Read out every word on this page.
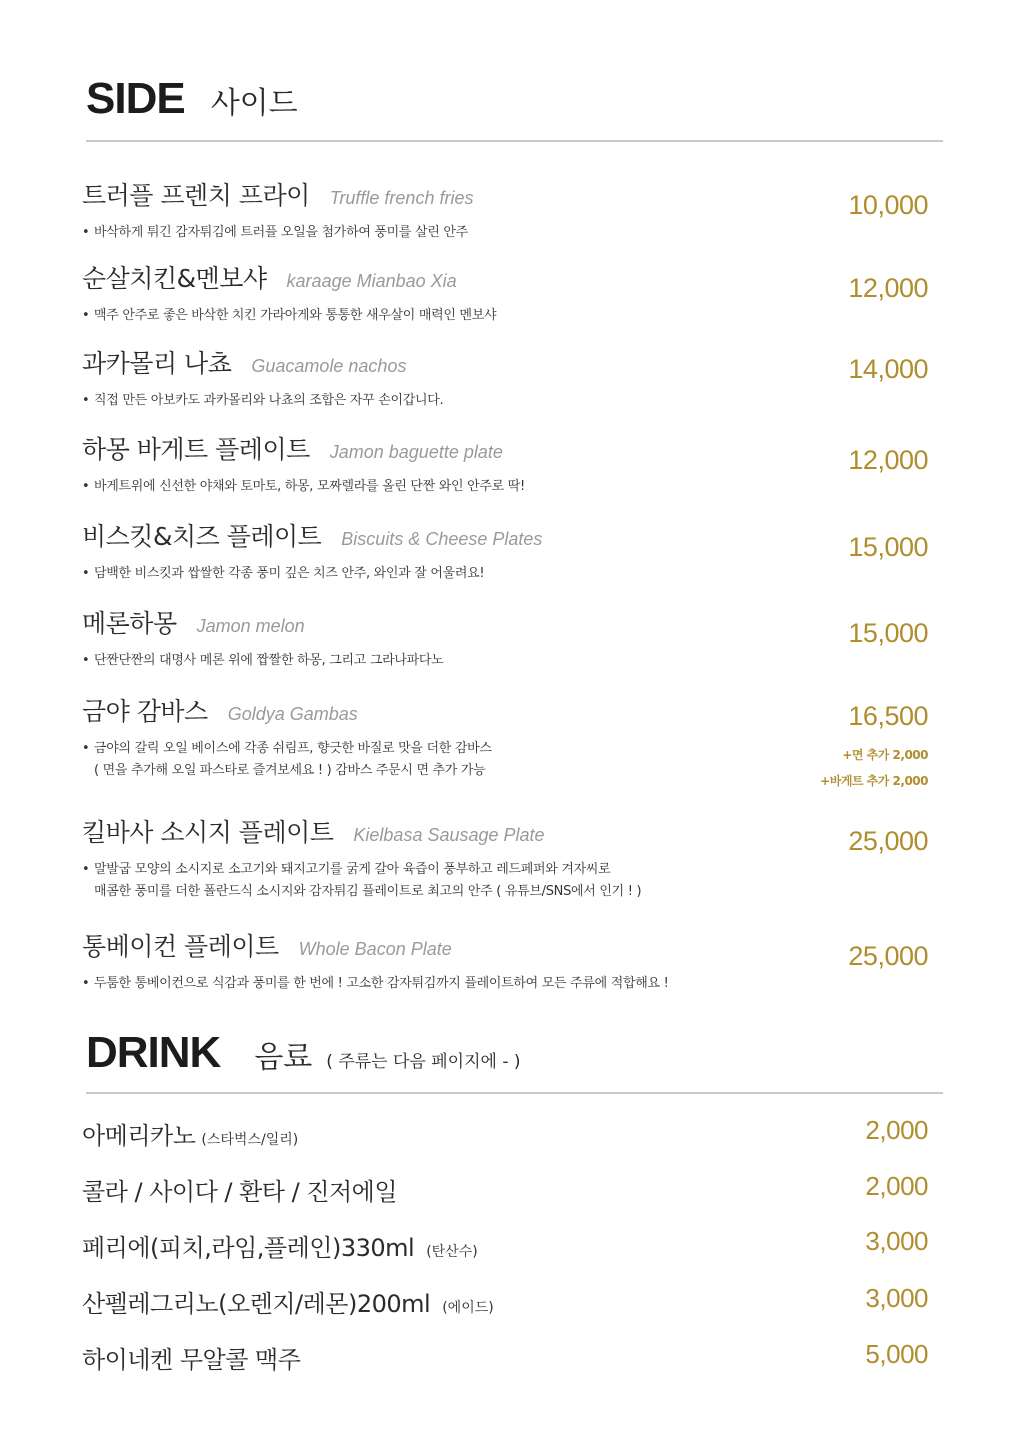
SIDE 사이드
트러플 프렌치 프라이 Truffle french fries
• 바삭하게 튀긴 감자튀김에 트러플 오일을 첨가하여 풍미를 살린 안주
10,000
순살치킨&멘보샤 karaage Mianbao Xia
• 맥주 안주로 좋은 바삭한 치킨 가라아게와 통통한 새우살이 매력인 멘보샤
12,000
과카몰리 나쵸 Guacamole nachos
• 직접 만든 아보카도 과카몰리와 나쵸의 조합은 자꾸 손이갑니다.
14,000
하몽 바게트 플레이트 Jamon baguette plate
• 바게트위에 신선한 야채와 토마토, 하몽, 모짜렐라를 올린 단짠 와인 안주로 딱!
12,000
비스킷&치즈 플레이트 Biscuits & Cheese Plates
• 담백한 비스킷과 쌉쌀한 각종 풍미 깊은 치즈 안주, 와인과 잘 어울려요!
15,000
메론하몽 Jamon melon
• 단짠단짠의 대명사 메론 위에 짭짤한 하몽, 그리고 그라나파다노
15,000
금야 감바스 Goldya Gambas
• 금야의 갈릭 오일 베이스에 각종 쉬림프, 향긋한 바질로 맛을 더한 감바스
( 면을 추가해 오일 파스타로 즐겨보세요 ! ) 감바스 주문시 면 추가 가능
16,500
+면 추가 2,000
+바게트 추가 2,000
킬바사 소시지 플레이트 Kielbasa Sausage Plate
• 말발굽 모양의 소시지로 소고기와 돼지고기를 굵게 갈아 육즙이 풍부하고 레드페퍼와 겨자씨로
매콤한 풍미를 더한 폴란드식 소시지와 감자튀김 플레이트로 최고의 안주 ( 유튜브/SNS에서 인기 ! )
25,000
통베이컨 플레이트 Whole Bacon Plate
• 두툼한 통베이컨으로 식감과 풍미를 한 번에 ! 고소한 감자튀김까지 플레이트하여 모든 주류에 적합해요 !
25,000
DRINK 음료 ( 주류는 다음 페이지에 - )
아메리카노 (스타벅스/일리)	2,000
콜라 / 사이다 / 환타 / 진저에일	2,000
페리에(피치,라임,플레인)330ml (탄산수)	3,000
산펠레그리노(오렌지/레몬)200ml (에이드)	3,000
하이네켄 무알콜 맥주	5,000
